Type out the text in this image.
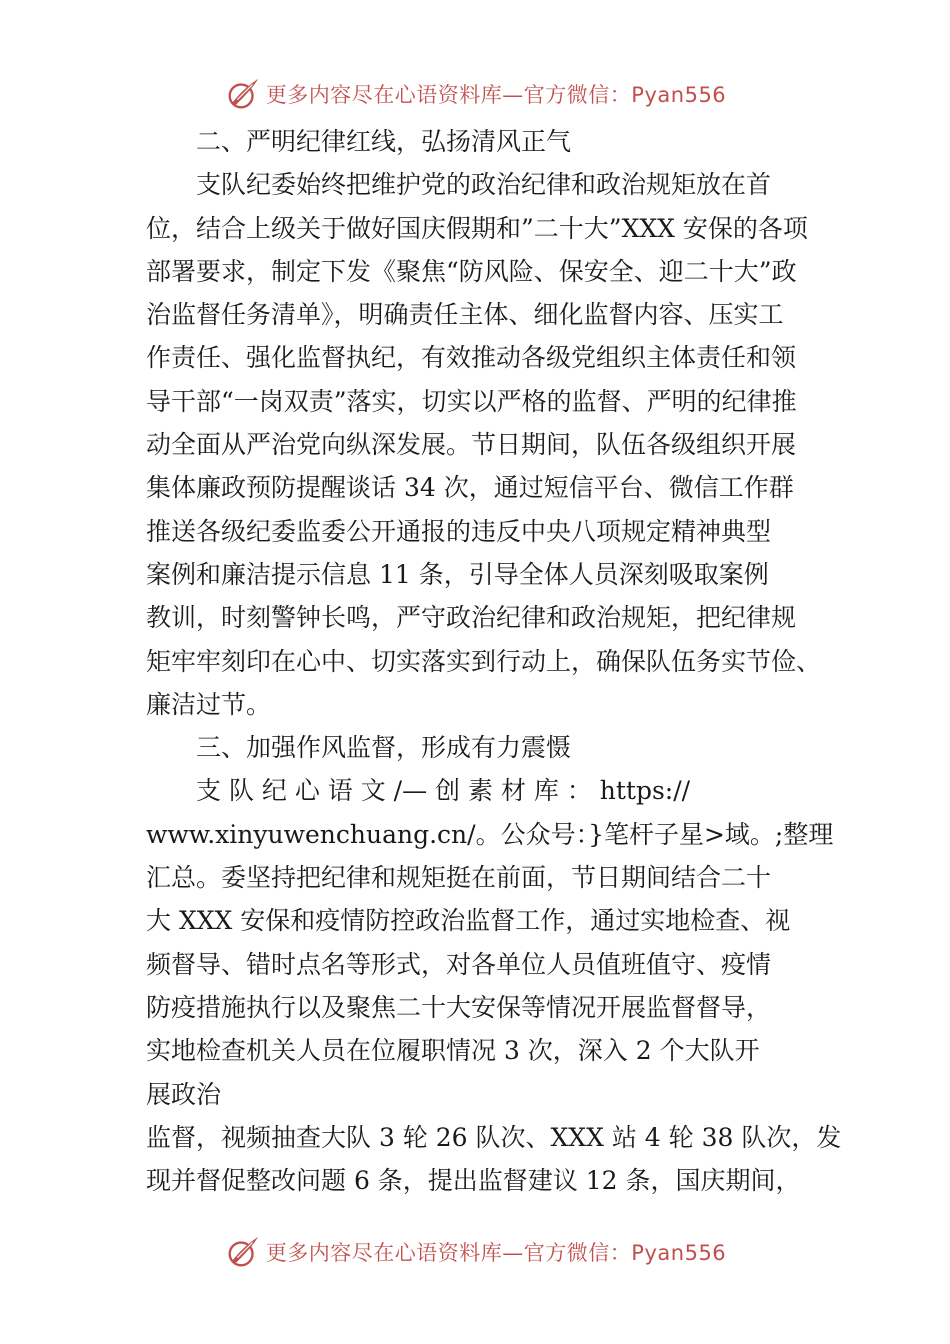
更多内容尽在心语资料库—官方微信：Pyan556
二、严明纪律红线，弘扬清风正气
支队纪委始终把维护党的政治纪律和政治规矩放在首
位，结合上级关于做好国庆假期和”二十大”XXX 安保的各项
部署要求，制定下发《聚焦“防风险、保安全、迎二十大”政
治监督任务清单》，明确责任主体、细化监督内容、压实工
作责任、强化监督执纪，有效推动各级党组织主体责任和领
导干部“一岗双责”落实，切实以严格的监督、严明的纪律推
动全面从严治党向纵深发展。节日期间，队伍各级组织开展
集体廉政预防提醒谈话 34 次，通过短信平台、微信工作群
推送各级纪委监委公开通报的违反中央八项规定精神典型
案例和廉洁提示信息 11 条，引导全体人员深刻吸取案例
教训，时刻警钟长鸣，严守政治纪律和政治规矩，把纪律规
矩牢牢刻印在心中、切实落实到行动上，确保队伍务实节俭、
廉洁过节。
三、加强作风监督，形成有力震慑
支 队 纪 心 语 文 /— 创 素 材 库 ： https://
www.xinyuwenchuang.cn/。公众号：}笔杆子星>域。;整理
汇总。委坚持把纪律和规矩挺在前面，节日期间结合二十
大 XXX 安保和疫情防控政治监督工作，通过实地检查、视
频督导、错时点名等形式，对各单位人员值班值守、疫情
防疫措施执行以及聚焦二十大安保等情况开展监督督导，
实地检查机关人员在位履职情况 3 次，深入 2 个大队开
展政治
监督，视频抽查大队 3 轮 26 队次、XXX 站 4 轮 38 队次，发
现并督促整改问题 6 条，提出监督建议 12 条，国庆期间，
更多内容尽在心语资料库—官方微信：Pyan556
